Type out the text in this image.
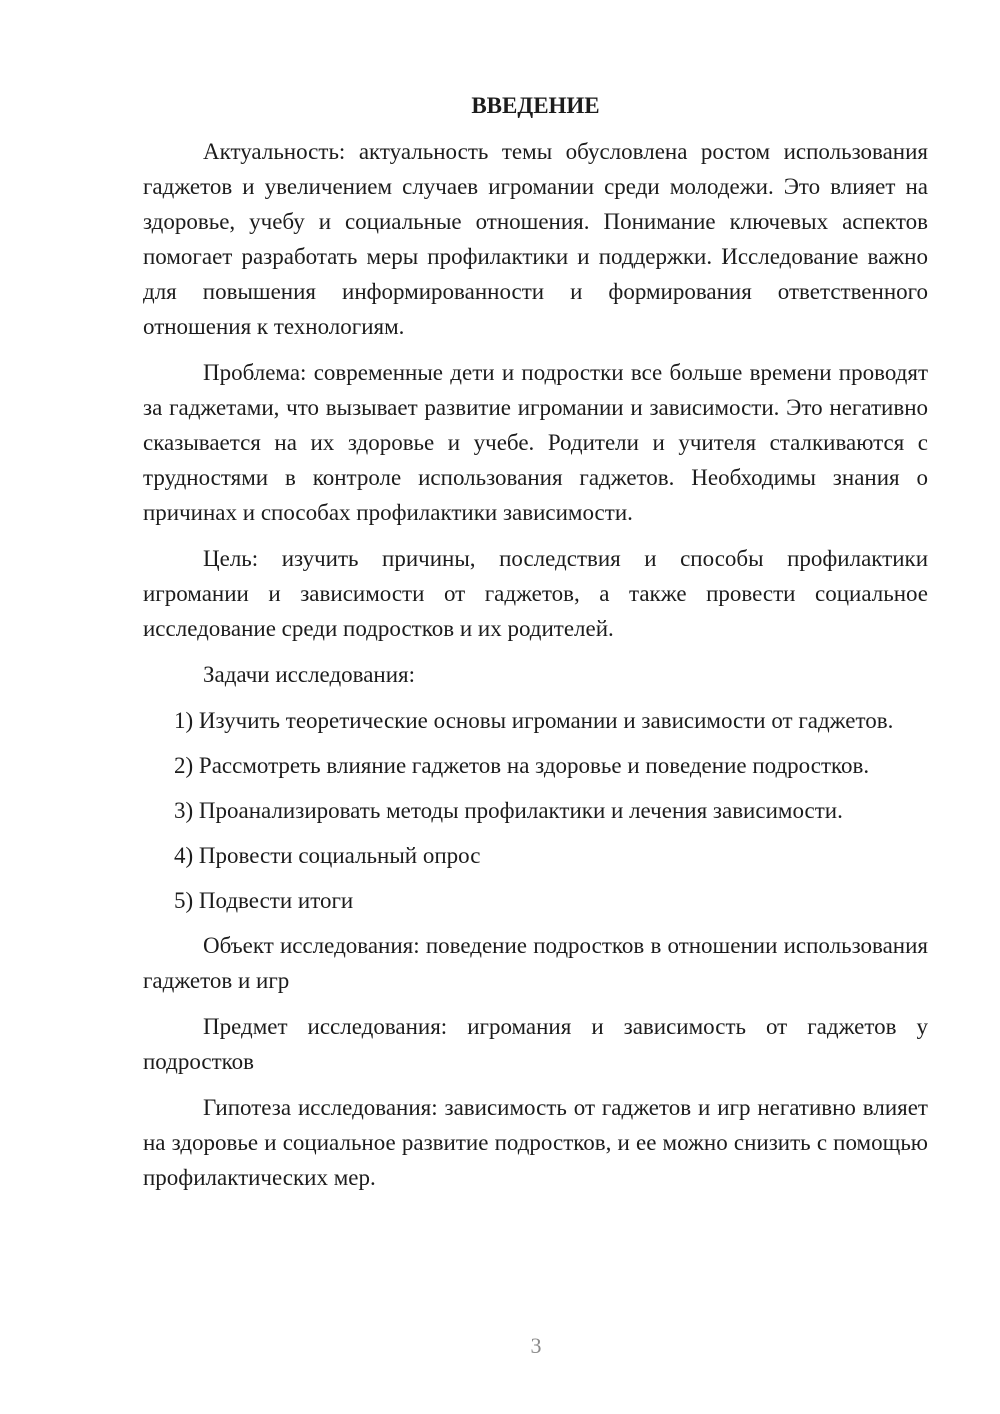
ВВЕДЕНИЕ

Актуальность: актуальность темы обусловлена ростом использования гаджетов и увеличением случаев игромании среди молодежи. Это влияет на здоровье, учебу и социальные отношения. Понимание ключевых аспектов помогает разработать меры профилактики и поддержки. Исследование важно для повышения информированности и формирования ответственного отношения к технологиям.

Проблема: современные дети и подростки все больше времени проводят за гаджетами, что вызывает развитие игромании и зависимости. Это негативно сказывается на их здоровье и учебе. Родители и учителя сталкиваются с трудностями в контроле использования гаджетов. Необходимы знания о причинах и способах профилактики зависимости.

Цель: изучить причины, последствия и способы профилактики игромании и зависимости от гаджетов, а также провести социальное исследование среди подростков и их родителей.

Задачи исследования:

1) Изучить теоретические основы игромании и зависимости от гаджетов.

2) Рассмотреть влияние гаджетов на здоровье и поведение подростков.

3) Проанализировать методы профилактики и лечения зависимости.

4) Провести социальный опрос

5) Подвести итоги

Объект исследования: поведение подростков в отношении использования гаджетов и игр

Предмет исследования: игромания и зависимость от гаджетов у подростков

Гипотеза исследования: зависимость от гаджетов и игр негативно влияет на здоровье и социальное развитие подростков, и ее можно снизить с помощью профилактических мер.

3
